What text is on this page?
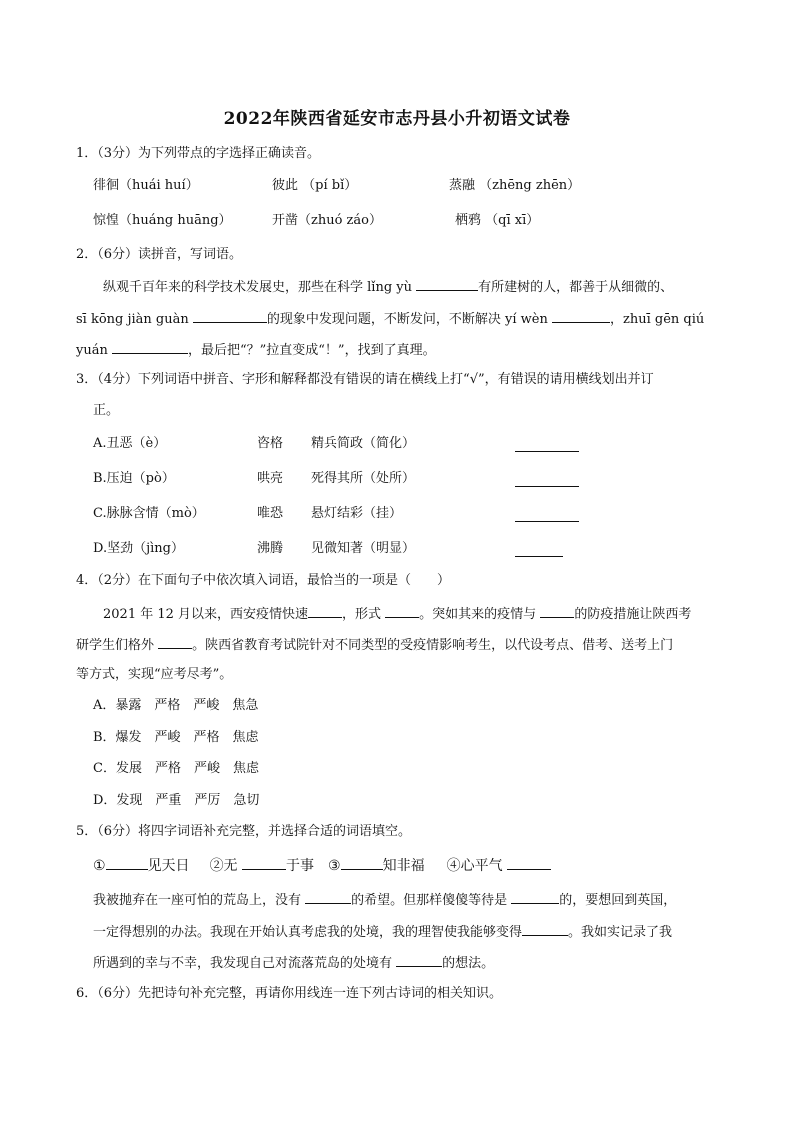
2022年陕西省延安市志丹县小升初语文试卷
1．（3分）为下列带点的字选择正确读音。
徘徊（huái huí）	彼此 （pí bǐ）	蒸融 （zhēng zhēn）
惊惶（huáng huāng）	开凿（zhuó záo）	栖鸦 （qī xī）
2．（6分）读拼音，写词语。
纵观千百年来的科学技术发展史，那些在科学 lǐng yù	有所建树的人，都善于从细微的、
sī kōng jiàn guàn	的现象中发现问题，不断发问，不断解决 yí wèn	，zhuī gēn qiú
yuán	，最后把“？”拉直变成“！”，找到了真理。
3．（4分）下列词语中拼音、字形和解释都没有错误的请在横线上打“√”，有错误的请用横线划出并订
正。
A.丑恶（è）	咨格 精兵简政（简化）
B.压迫（pò）	哄亮 死得其所（处所）
C.脉脉含情（mò）	唯恐 悬灯结彩（挂）
D.坚劲（jìng）	沸腾 见微知著（明显）
4．（2分）在下面句子中依次填入词语，最恰当的一项是（　　）
2021 年 12 月以来，西安疫情快速	，形式	。突如其来的疫情与	的防疫措施让陕西考
研学生们格外	。陕西省教育考试院针对不同类型的受疫情影响考生，以代设考点、借考、送考上门
等方式，实现“应考尽考”。
A．暴露　严格　严峻　焦急
B．爆发　严峻　严格　焦虑
C．发展　严格　严峻　焦虑
D．发现　严重　严厉　急切
5．（6分）将四字词语补充完整，并选择合适的词语填空。
①	见天日 ②无	于事 ③	知非福 ④心平气
我被抛弃在一座可怕的荒岛上，没有	的希望。但那样傻傻等待是	的，要想回到英国，
一定得想别的办法。我现在开始认真考虑我的处境，我的理智使我能够变得	。我如实记录了我
所遇到的幸与不幸，我发现自己对流落荒岛的处境有	的想法。
6．（6分）先把诗句补充完整，再请你用线连一连下列古诗词的相关知识。
